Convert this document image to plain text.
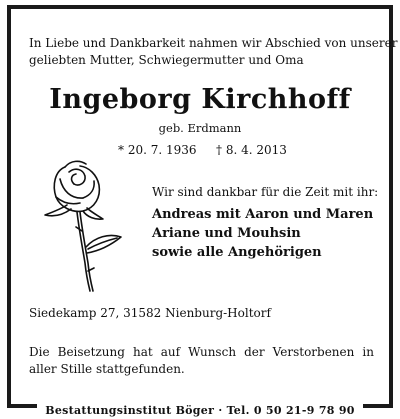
In Liebe und Dankbarkeit nahmen wir Abschied von unserer
geliebten Mutter, Schwiegermutter und Oma
Ingeborg Kirchhoff
geb. Erdmann
* 20. 7. 1936 † 8. 4. 2013
Wir sind dankbar für die Zeit mit ihr:
Andreas mit Aaron und Maren
Ariane und Mouhsin
sowie alle Angehörigen
Siedekamp 27, 31582 Nienburg-Holtorf
Die Beisetzung hat auf Wunsch der Verstorbenen in aller Stille stattgefunden.
Bestattungsinstitut Böger · Tel. 0 50 21-9 78 90
